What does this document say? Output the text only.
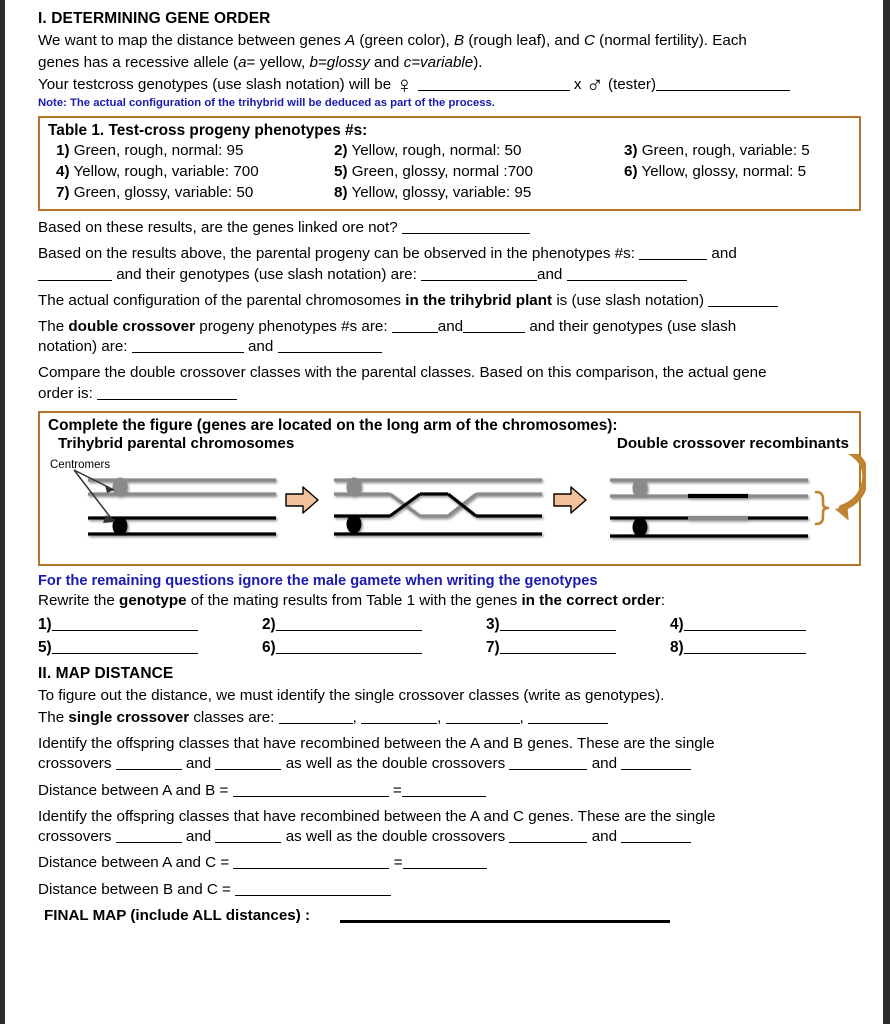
I. DETERMINING GENE ORDER

We want to map the distance between genes A (green color), B (rough leaf), and C (normal fertility). Each

genes has a recessive allele (a= yellow, b=glossy and c=variable).

Your testcross genotypes (use slash notation) will be ♀	x ♂ (tester)

Note: The actual configuration of the trihybrid will be deduced as part of the process.

Table 1. Test-cross progeny phenotypes #s:
1) Green, rough, normal: 95	2) Yellow, rough, normal: 50	3) Green, rough, variable: 5
4) Yellow, rough, variable: 700	5) Green, glossy, normal :700	6) Yellow, glossy, normal: 5
7) Green, glossy, variable: 50	8) Yellow, glossy, variable: 95

Based on these results, are the genes linked ore not?

Based on the results above, the parental progeny can be observed in the phenotypes #s:	and
and their genotypes (use slash notation) are:	and

The actual configuration of the parental chromosomes in the trihybrid plant is (use slash notation)

The double crossover progeny phenotypes #s are:	and	and their genotypes (use slash
notation) are:	and

Compare the double crossover classes with the parental classes. Based on this comparison, the actual gene
order is:

Complete the figure (genes are located on the long arm of the chromosomes):
Trihybrid parental chromosomes	Double crossover recombinants
Centromers
For the remaining questions ignore the male gamete when writing the genotypes

Rewrite the genotype of the mating results from Table 1 with the genes in the correct order:

1)	2)	3)	4)
5)	6)	7)	8)
II. MAP DISTANCE

To figure out the distance, we must identify the single crossover classes (write as genotypes).

The single crossover classes are:	,	,	,

Identify the offspring classes that have recombined between the A and B genes. These are the single
crossovers	and	as well as the double crossovers	and

Distance between A and B =	=

Identify the offspring classes that have recombined between the A and C genes. These are the single
crossovers	and	as well as the double crossovers	and

Distance between A and C =	=

Distance between B and C =

FINAL MAP (include ALL distances) :
